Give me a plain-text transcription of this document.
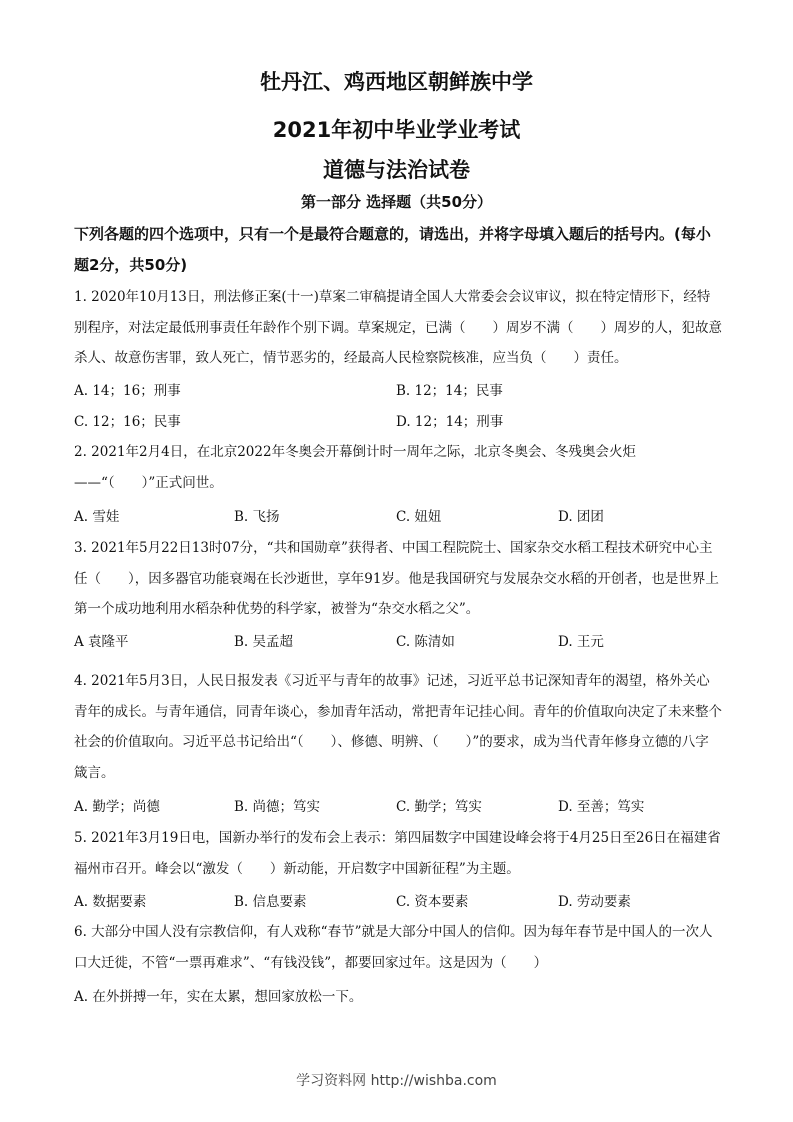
牡丹江、鸡西地区朝鲜族中学
2021年初中毕业学业考试
道德与法治试卷
第一部分 选择题（共50分）
下列各题的四个选项中，只有一个是最符合题意的，请选出，并将字母填入题后的括号内。(每小题2分，共50分)
1. 2020年10月13日，刑法修正案(十一)草案二审稿提请全国人大常委会会议审议，拟在特定情形下，经特别程序，对法定最低刑事责任年龄作个别下调。草案规定，已满（　　）周岁不满（　　）周岁的人，犯故意杀人、故意伤害罪，致人死亡，情节恶劣的，经最高人民检察院核准，应当负（　　）责任。
A. 14；16；刑事	B. 12；14；民事
C. 12；16；民事	D. 12；14；刑事
2. 2021年2月4日，在北京2022年冬奥会开幕倒计时一周年之际，北京冬奥会、冬残奥会火炬——“（　　）”正式问世。
A. 雪娃	B. 飞扬	C. 妞妞	D. 团团
3. 2021年5月22日13时07分，“共和国勋章”获得者、中国工程院院士、国家杂交水稻工程技术研究中心主任（　　），因多器官功能衰竭在长沙逝世，享年91岁。他是我国研究与发展杂交水稻的开创者，也是世界上第一个成功地利用水稻杂种优势的科学家，被誉为“杂交水稻之父”。
A 袁隆平	B. 吴孟超	C. 陈清如	D. 王元
4. 2021年5月3日，人民日报发表《习近平与青年的故事》记述，习近平总书记深知青年的渴望，格外关心青年的成长。与青年通信，同青年谈心，参加青年活动，常把青年记挂心间。青年的价值取向决定了未来整个社会的价值取向。习近平总书记给出“（　　）、修德、明辨、（　　）”的要求，成为当代青年修身立德的八字箴言。
A. 勤学；尚德	B. 尚德；笃实	C. 勤学；笃实	D. 至善；笃实
5. 2021年3月19日电，国新办举行的发布会上表示：第四届数字中国建设峰会将于4月25日至26日在福建省福州市召开。峰会以“激发（　　）新动能，开启数字中国新征程”为主题。
A. 数据要素	B. 信息要素	C. 资本要素	D. 劳动要素
6. 大部分中国人没有宗教信仰，有人戏称“春节”就是大部分中国人的信仰。因为每年春节是中国人的一次人口大迁徙，不管“一票再难求”、“有钱没钱”，都要回家过年。这是因为（　　）
A. 在外拼搏一年，实在太累，想回家放松一下。
学习资料网 http://wishba.com
